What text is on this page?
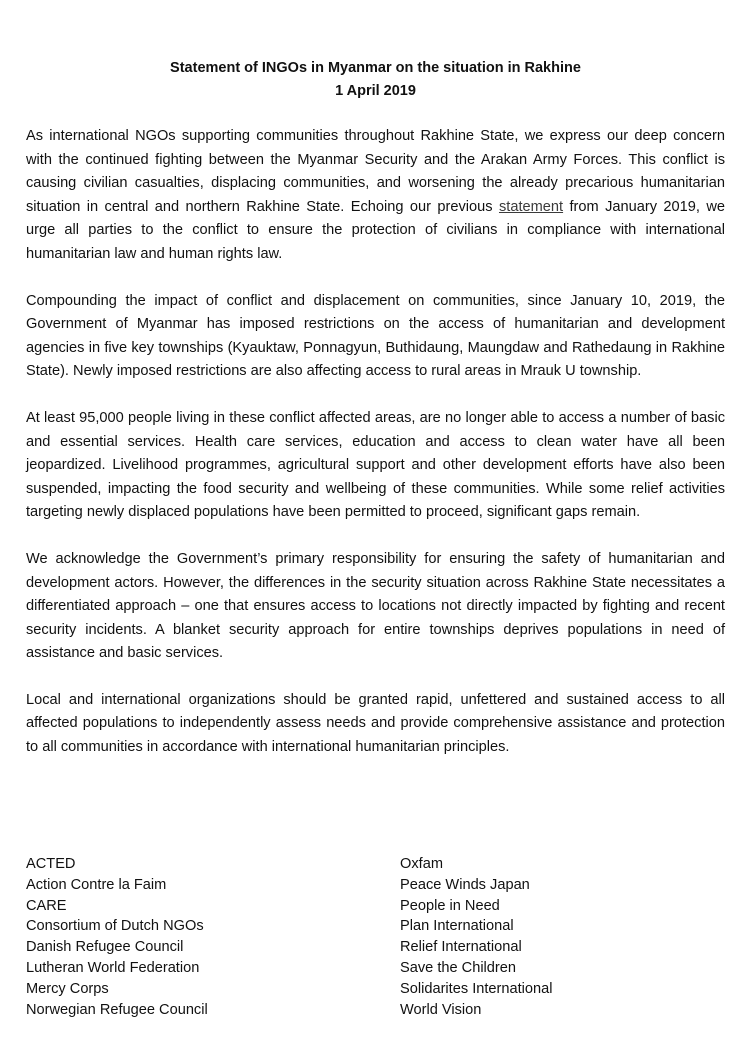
Statement of INGOs in Myanmar on the situation in Rakhine

1 April 2019

As international NGOs supporting communities throughout Rakhine State, we express our deep concern with the continued fighting between the Myanmar Security and the Arakan Army Forces. This conflict is causing civilian casualties, displacing communities, and worsening the already precarious humanitarian situation in central and northern Rakhine State. Echoing our previous statement from January 2019, we urge all parties to the conflict to ensure the protection of civilians in compliance with international humanitarian law and human rights law.

Compounding the impact of conflict and displacement on communities, since January 10, 2019, the Government of Myanmar has imposed restrictions on the access of humanitarian and development agencies in five key townships (Kyauktaw, Ponnagyun, Buthidaung, Maungdaw and Rathedaung in Rakhine State). Newly imposed restrictions are also affecting access to rural areas in Mrauk U township.

At least 95,000 people living in these conflict affected areas, are no longer able to access a number of basic and essential services. Health care services, education and access to clean water have all been jeopardized. Livelihood programmes, agricultural support and other development efforts have also been suspended, impacting the food security and wellbeing of these communities. While some relief activities targeting newly displaced populations have been permitted to proceed, significant gaps remain.

We acknowledge the Government’s primary responsibility for ensuring the safety of humanitarian and development actors. However, the differences in the security situation across Rakhine State necessitates a differentiated approach – one that ensures access to locations not directly impacted by fighting and recent security incidents. A blanket security approach for entire townships deprives populations in need of assistance and basic services.

Local and international organizations should be granted rapid, unfettered and sustained access to all affected populations to independently assess needs and provide comprehensive assistance and protection to all communities in accordance with international humanitarian principles.

ACTED
Action Contre la Faim
CARE
Consortium of Dutch NGOs
Danish Refugee Council
Lutheran World Federation
Mercy Corps
Norwegian Refugee Council
Oxfam
Peace Winds Japan
People in Need
Plan International
Relief International
Save the Children
Solidarites International
World Vision
